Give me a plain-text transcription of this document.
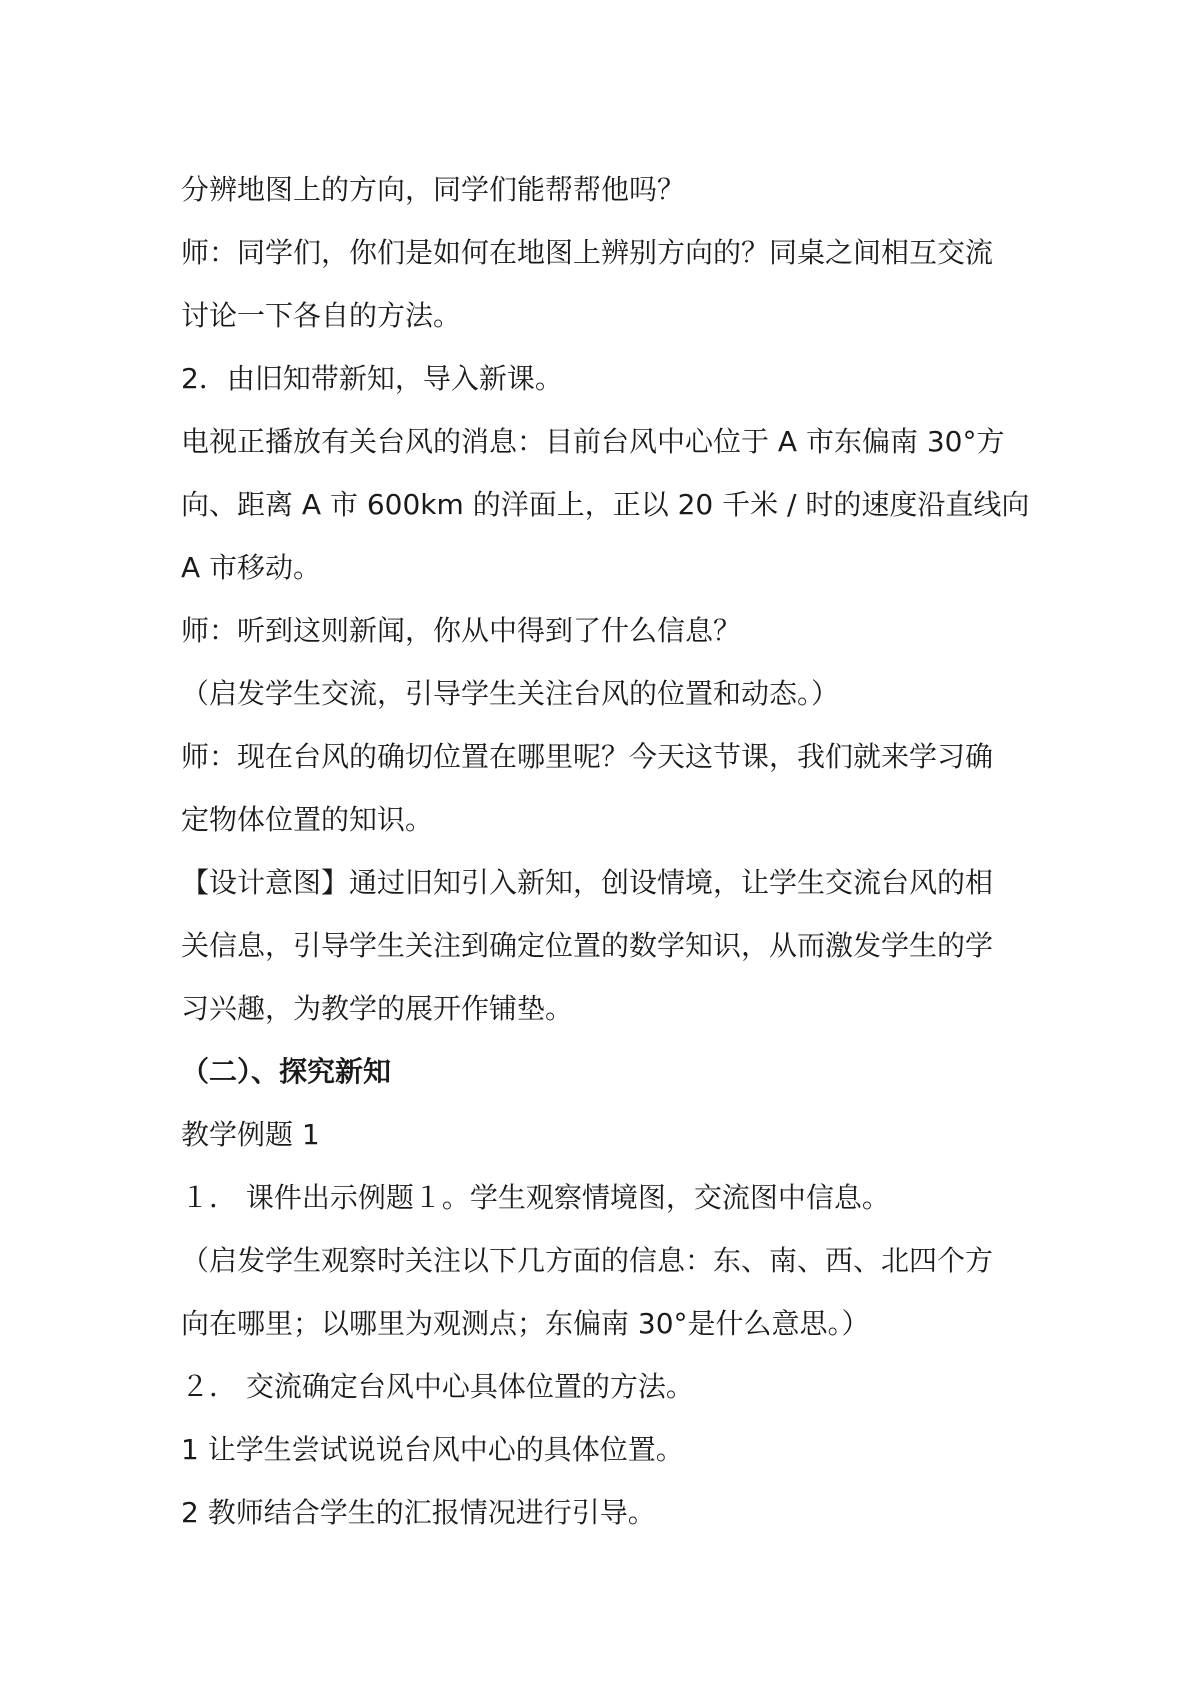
分辨地图上的方向，同学们能帮帮他吗？
师：同学们，你们是如何在地图上辨别方向的？同桌之间相互交流
讨论一下各自的方法。
2．由旧知带新知，导入新课。
电视正播放有关台风的消息：目前台风中心位于 A 市东偏南 30°方
向、距离 A 市 600km 的洋面上，正以 20 千米 / 时的速度沿直线向
A 市移动。
师：听到这则新闻，你从中得到了什么信息？
（启发学生交流，引导学生关注台风的位置和动态。）
师：现在台风的确切位置在哪里呢？今天这节课，我们就来学习确
定物体位置的知识。
【设计意图】通过旧知引入新知，创设情境，让学生交流台风的相
关信息，引导学生关注到确定位置的数学知识，从而激发学生的学
习兴趣，为教学的展开作铺垫。
（二）、探究新知
教学例题 1
１． 课件出示例题１。学生观察情境图，交流图中信息。
（启发学生观察时关注以下几方面的信息：东、南、西、北四个方
向在哪里；以哪里为观测点；东偏南 30°是什么意思。）
２． 交流确定台风中心具体位置的方法。
1 让学生尝试说说台风中心的具体位置。
2 教师结合学生的汇报情况进行引导。
